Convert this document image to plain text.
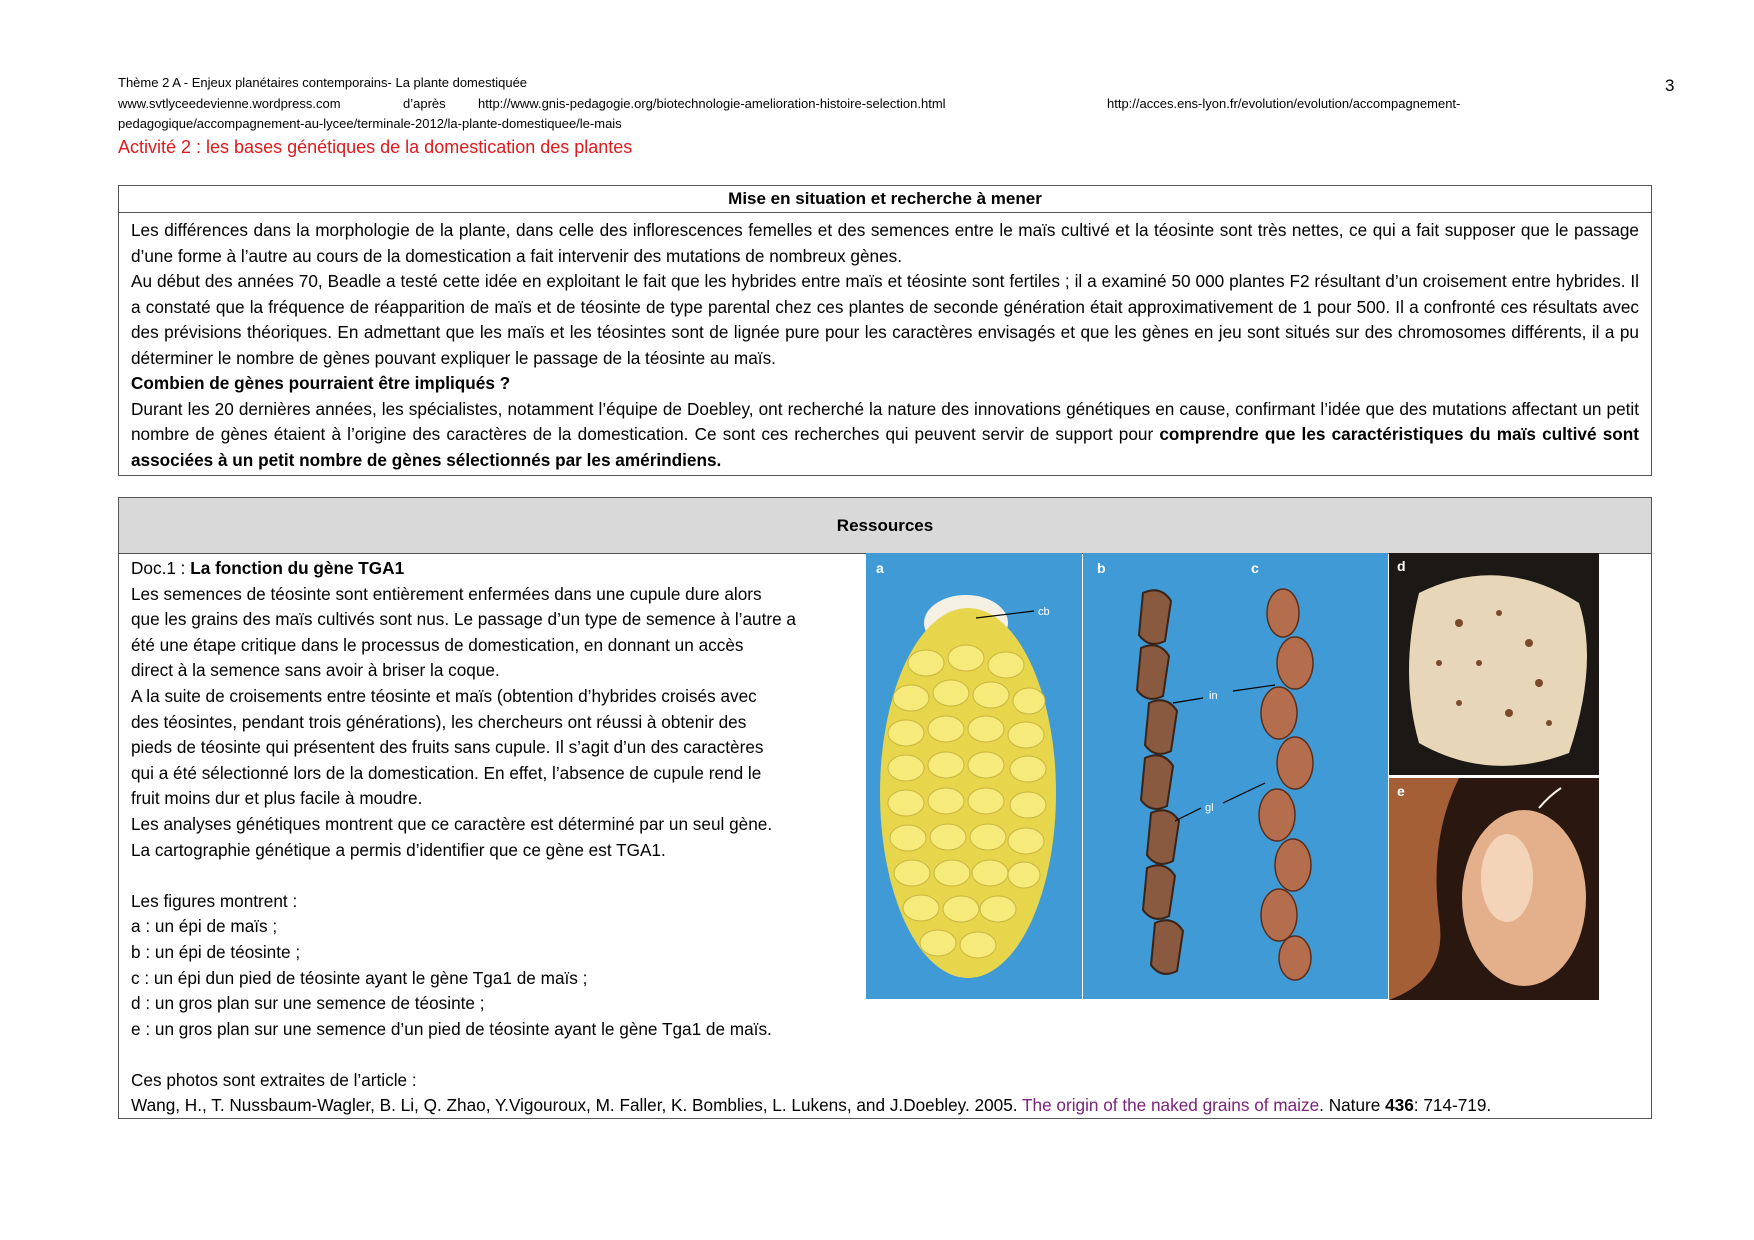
Thème 2 A - Enjeux planétaires contemporains- La plante domestiquée
www.svtlyceedevienne.wordpress.com	d’après http://www.gnis-pedagogie.org/biotechnologie-amelioration-histoire-selection.html	http://acces.ens-lyon.fr/evolution/evolution/accompagnement-
pedagogique/accompagnement-au-lycee/terminale-2012/la-plante-domestiquee/le-mais
Activité 2 : les bases génétiques de la domestication des plantes
3
Mise en situation et recherche à mener

Les différences dans la morphologie de la plante, dans celle des inflorescences femelles et des semences entre le maïs cultivé et la téosinte sont très nettes, ce qui a fait supposer que le passage d’une forme à l’autre au cours de la domestication a fait intervenir des mutations de nombreux gènes.

Au début des années 70, Beadle a testé cette idée en exploitant le fait que les hybrides entre maïs et téosinte sont fertiles ; il a examiné 50 000 plantes F2 résultant d’un croisement entre hybrides. Il a constaté que la fréquence de réapparition de maïs et de téosinte de type parental chez ces plantes de seconde génération était approximativement de 1 pour 500. Il a confronté ces résultats avec des prévisions théoriques. En admettant que les maïs et les téosintes sont de lignée pure pour les caractères envisagés et que les gènes en jeu sont situés sur des chromosomes différents, il a pu déterminer le nombre de gènes pouvant expliquer le passage de la téosinte au maïs.

Combien de gènes pourraient être impliqués ?

Durant les 20 dernières années, les spécialistes, notamment l’équipe de Doebley, ont recherché la nature des innovations génétiques en cause, confirmant l’idée que des mutations affectant un petit nombre de gènes étaient à l’origine des caractères de la domestication. Ce sont ces recherches qui peuvent servir de support pour comprendre que les caractéristiques du maïs cultivé sont associées à un petit nombre de gènes sélectionnés par les amérindiens.

Ressources

Doc.1 : La fonction du gène TGA1

Les semences de téosinte sont entièrement enfermées dans une cupule dure alors

que les grains des maïs cultivés sont nus. Le passage d’un type de semence à l’autre a

été une étape critique dans le processus de domestication, en donnant un accès

direct à la semence sans avoir à briser la coque.

A la suite de croisements entre téosinte et maïs (obtention d’hybrides croisés avec

des téosintes, pendant trois générations), les chercheurs ont réussi à obtenir des

pieds de téosinte qui présentent des fruits sans cupule. Il s’agit d’un des caractères

qui a été sélectionné lors de la domestication. En effet, l’absence de cupule rend le

fruit moins dur et plus facile à moudre.

Les analyses génétiques montrent que ce caractère est déterminé par un seul gène.

La cartographie génétique a permis d’identifier que ce gène est TGA1.

Les figures montrent :

a : un épi de maïs ;

b : un épi de téosinte ;

c : un épi dun pied de téosinte ayant le gène Tga1 de maïs ;

d : un gros plan sur une semence de téosinte ;

e : un gros plan sur une semence d’un pied de téosinte ayant le gène Tga1 de maïs.

Ces photos sont extraites de l’article :

Wang, H., T. Nussbaum-Wagler, B. Li, Q. Zhao, Y.Vigouroux, M. Faller, K. Bomblies, L. Lukens, and J.Doebley. 2005. The origin of the naked grains of maize. Nature 436: 714-719.

a
cb
b	c
in
gl
d
e
